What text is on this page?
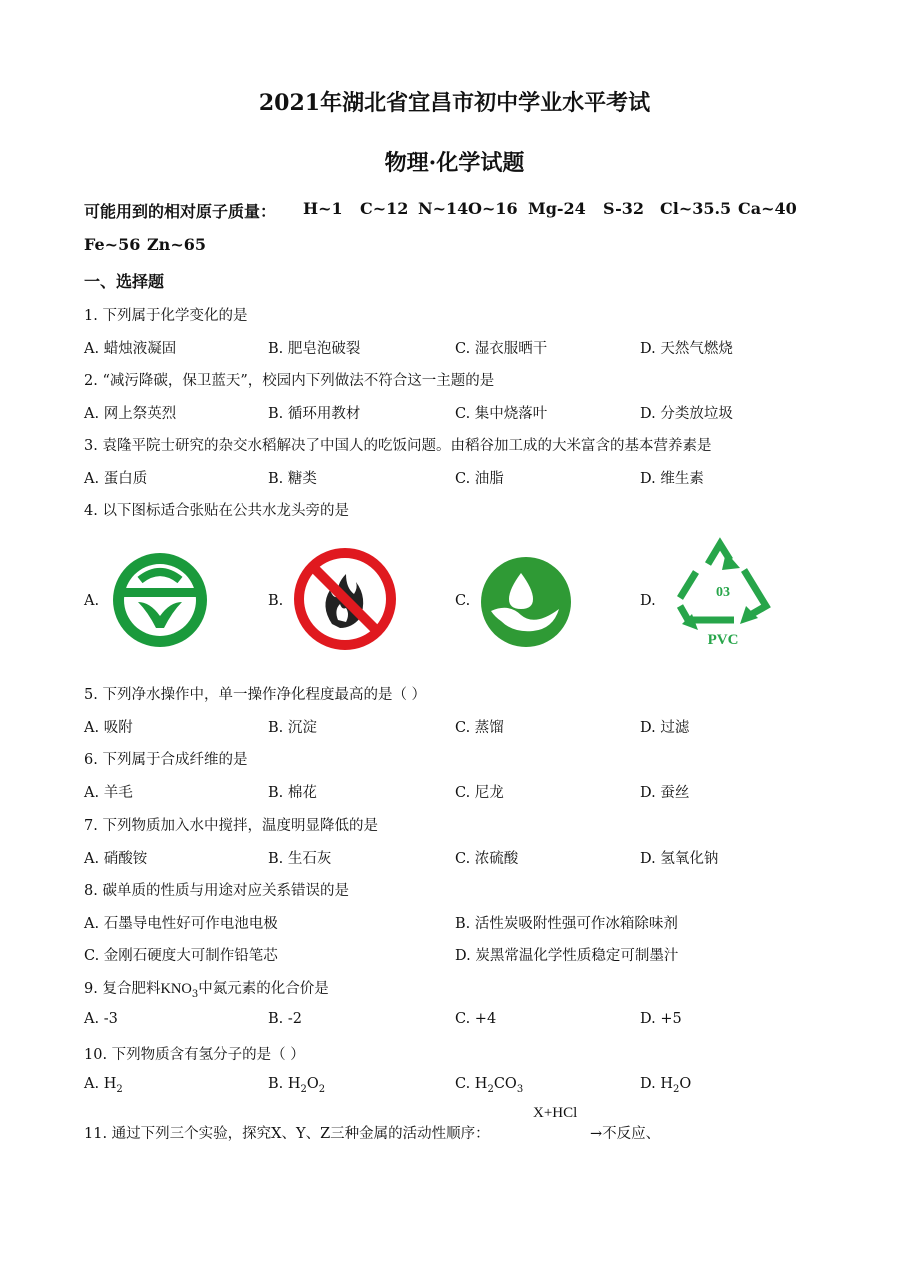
2021年湖北省宜昌市初中学业水平考试
物理·化学试题
可能用到的相对原子质量： H~1 C~12 N~14 O~16 Mg-24 S-32 Cl~35.5 Ca~40
Fe~56 Zn~65
一、选择题
1. 下列属于化学变化的是
A. 蜡烛液凝固	B. 肥皂泡破裂	C. 湿衣服晒干	D. 天然气燃烧
2. “减污降碳，保卫蓝天”，校园内下列做法不符合这一主题的是
A. 网上祭英烈	B. 循环用教材	C. 集中烧落叶	D. 分类放垃圾
3. 袁隆平院士研究的杂交水稻解决了中国人的吃饭问题。由稻谷加工成的大米富含的基本营养素是
A. 蛋白质	B. 糖类	C. 油脂	D. 维生素
4. 以下图标适合张贴在公共水龙头旁的是
A.	B.	C.	D.
03
PVC
5. 下列净水操作中，单一操作净化程度最高的是（ ）
A. 吸附	B. 沉淀	C. 蒸馏	D. 过滤
6. 下列属于合成纤维的是
A. 羊毛	B. 棉花	C. 尼龙	D. 蚕丝
7. 下列物质加入水中搅拌，温度明显降低的是
A. 硝酸铵	B. 生石灰	C. 浓硫酸	D. 氢氧化钠
8. 碳单质的性质与用途对应关系错误的是
A. 石墨导电性好可作电池电极	B. 活性炭吸附性强可作冰箱除味剂
C. 金刚石硬度大可制作铅笔芯	D. 炭黑常温化学性质稳定可制墨汁
9. 复合肥料$KNO_3$中氮元素的化合价是
A. -3	B. -2	C. +4	D. +5
10. 下列物质含有氢分子的是（ ）
A. $H_2$	B. $H_2O_2$	C. $H_2CO_3$	D. $H_2O$
11. 通过下列三个实验，探究X、Y、Z三种金属的活动性顺序：
X+HCl
→不反应、
